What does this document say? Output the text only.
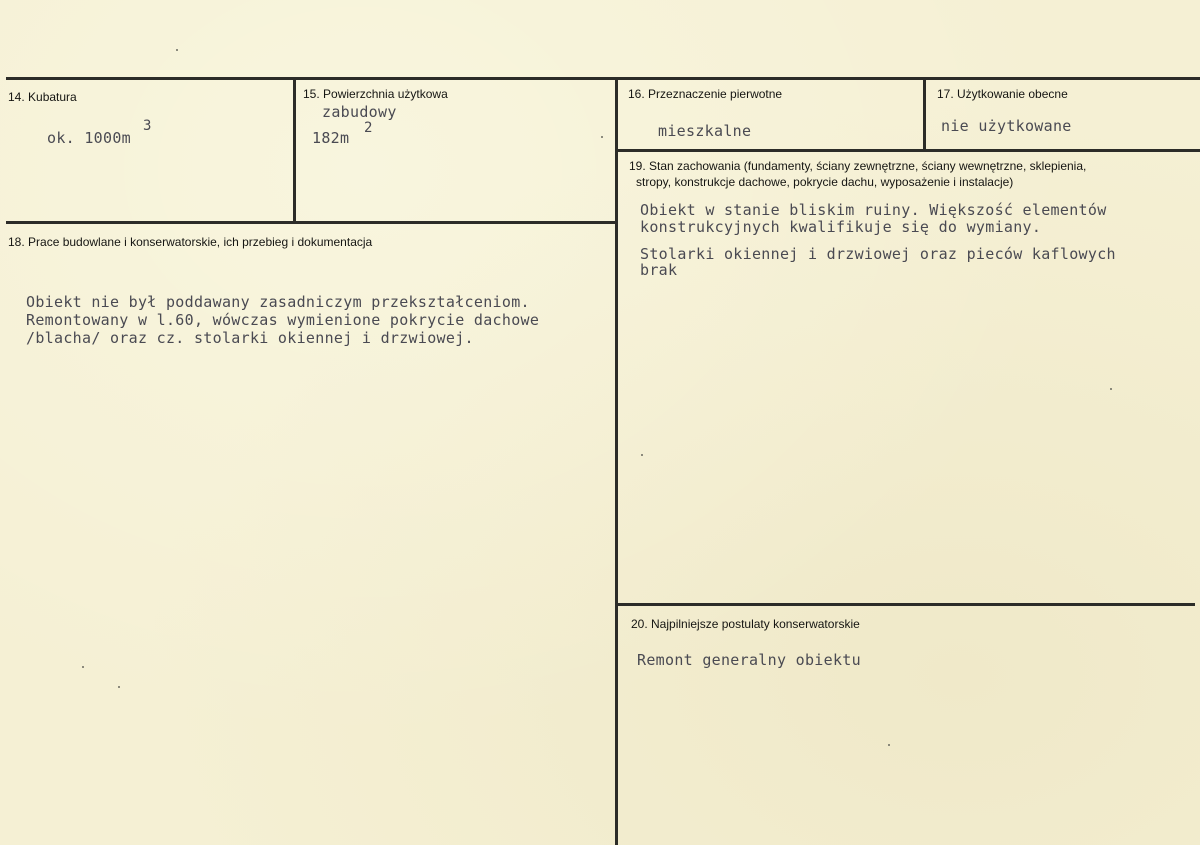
14. Kubatura
ok. 1000m
3
15. Powierzchnia użytkowa
zabudowy
182m
2
16. Przeznaczenie pierwotne
mieszkalne
17. Użytkowanie obecne
nie użytkowane
18. Prace budowlane i konserwatorskie, ich przebieg i dokumentacja
Obiekt nie był poddawany zasadniczym przekształceniom.
Remontowany w l.60, wówczas wymienione pokrycie dachowe
/blacha/ oraz cz. stolarki okiennej i drzwiowej.
19. Stan zachowania (fundamenty, ściany zewnętrzne, ściany wewnętrzne, sklepienia,
stropy, konstrukcje dachowe, pokrycie dachu, wyposażenie i instalacje)
Obiekt w stanie bliskim ruiny. Większość elementów
konstrukcyjnych kwalifikuje się do wymiany.
Stolarki okiennej i drzwiowej oraz pieców kaflowych
brak
20. Najpilniejsze postulaty konserwatorskie
Remont generalny obiektu
